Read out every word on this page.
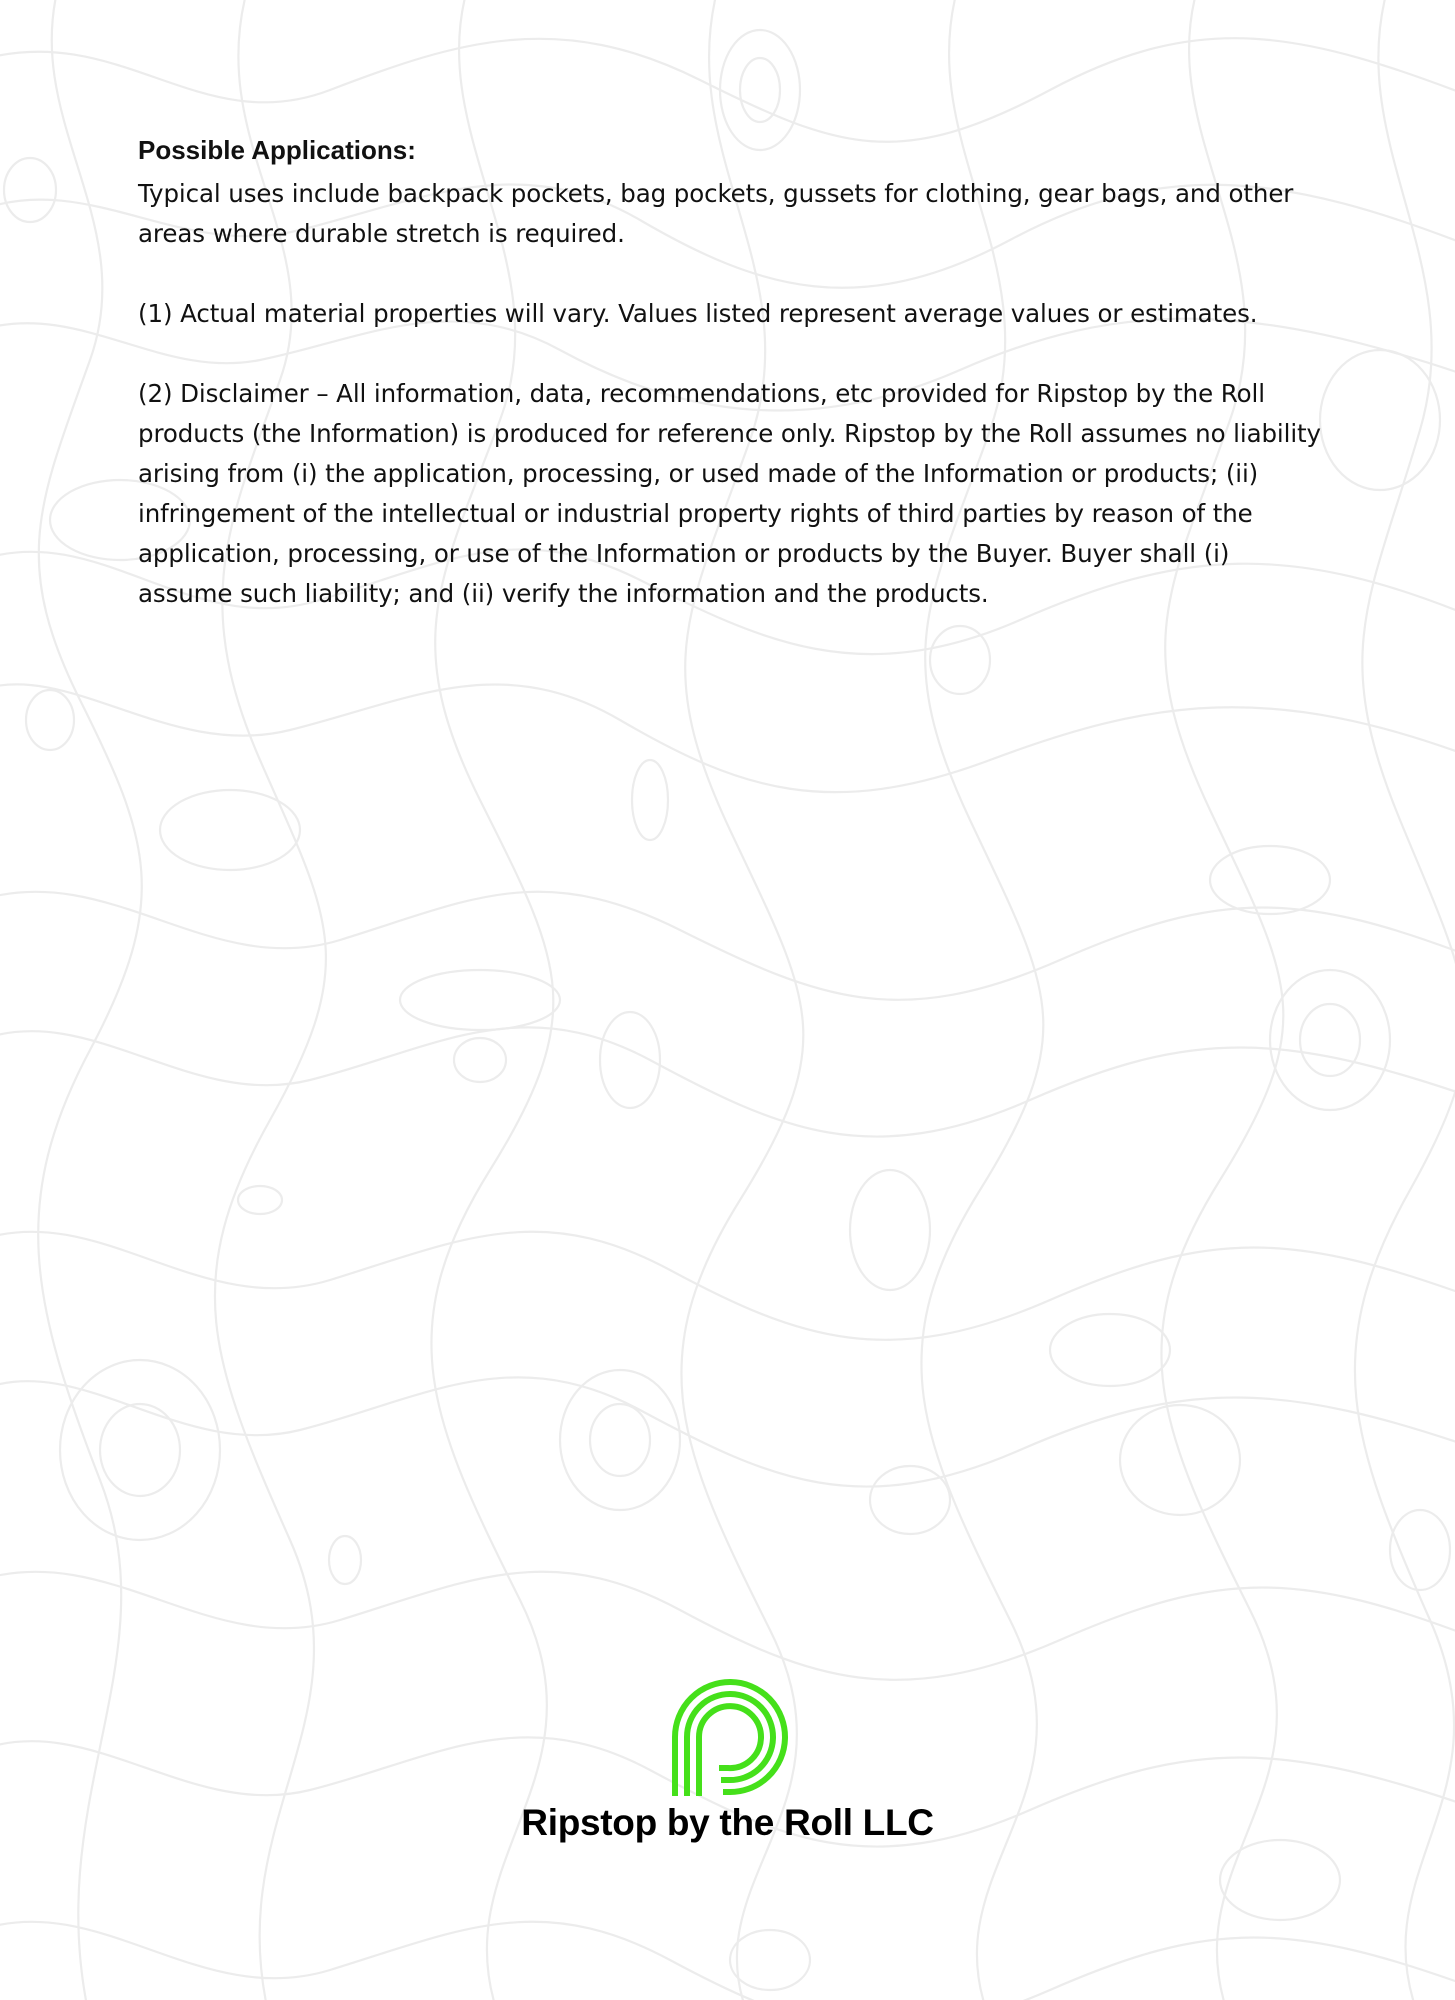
Possible Applications:

Typical uses include backpack pockets, bag pockets, gussets for clothing, gear bags, and other areas where durable stretch is required.

(1) Actual material properties will vary. Values listed represent average values or estimates.

(2) Disclaimer – All information, data, recommendations, etc provided for Ripstop by the Roll products (the Information) is produced for reference only. Ripstop by the Roll assumes no liability arising from (i) the application, processing, or used made of the Information or products; (ii) infringement of the intellectual or industrial property rights of third parties by reason of the application, processing, or use of the Information or products by the Buyer. Buyer shall (i) assume such liability; and (ii) verify the information and the products.

Ripstop by the Roll LLC
